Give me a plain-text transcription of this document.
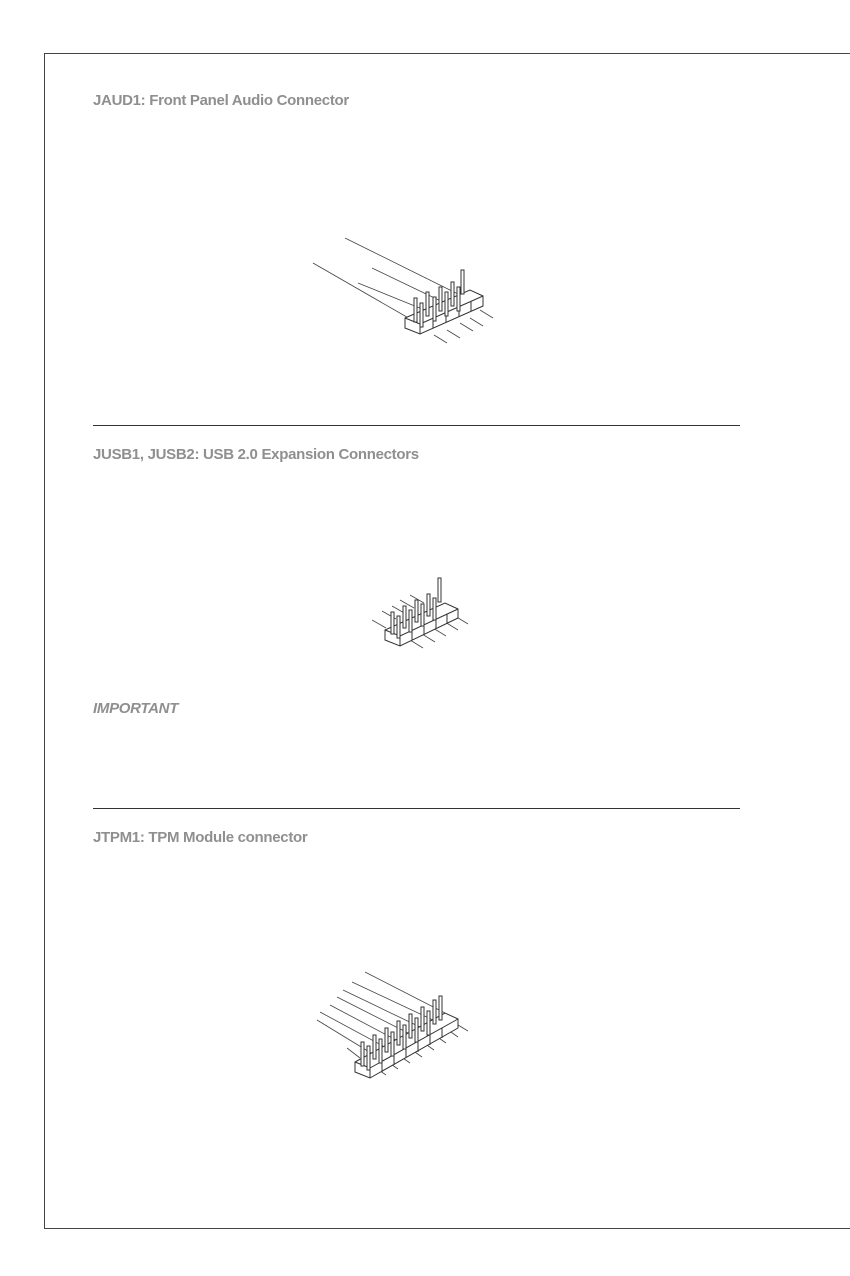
JAUD1: Front Panel Audio Connector
JUSB1, JUSB2: USB 2.0 Expansion Connectors
IMPORTANT
JTPM1: TPM Module connector
